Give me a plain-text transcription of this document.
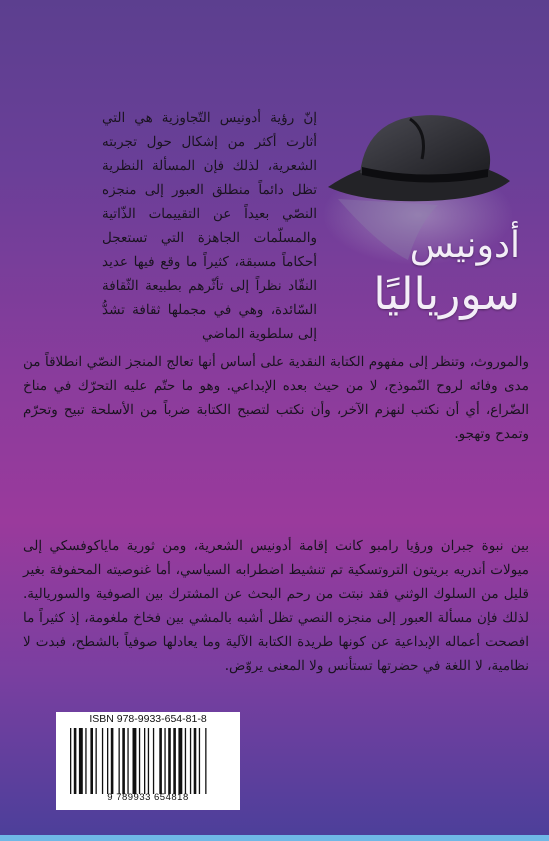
أدونيس
سورياليًا

إنّ رؤية أدونيس التّجاوزية هي التي أثارت أكثر من إشكال حول تجربته الشعرية، لذلك فإن المسألة النظرية تظل دائماً منطلق العبور إلى منجزه النصّي بعيداً عن التقييمات الذّاتية والمسلّمات الجاهزة التي تستعجل أحكاماً مسبقة، كثيراً ما وقع فيها عديد النقّاد نظراً إلى تأثّرهم بطبيعة الثّقافة السّائدة، وهي في مجملها ثقافة تشدُّ إلى سلطوية الماضي

والموروث، وتنظر إلى مفهوم الكتابة النقدية على أساس أنها تعالج المنجز النصّي انطلاقاً من مدى وفائه لروح النّموذج، لا من حيث بعده الإبداعي. وهو ما حتّم عليه التحرّك في مناخ الضّراع، أي أن نكتب لنهزم الآخر، وأن نكتب لتصبح الكتابة ضرباً من الأسلحة تبيح وتحرّم وتمدح وتهجو.

بين نبوة جبران ورؤيا رامبو كانت إقامة أدونيس الشعرية، ومن ثورية ماياكوفسكي إلى ميولات أندريه بريتون التروتسكية تم تنشيط اضطرابه السياسي، أما غنوصيته المحفوفة بغير قليل من السلوك الوثني فقد نبتت من رحم البحث عن المشترك بين الصوفية والسوريالية. لذلك فإن مسألة العبور إلى منجزه النصي تظل أشبه بالمشي بين فخاخ ملغومة، إذ كثيراً ما افصحت أعماله الإبداعية عن كونها طريدة الكتابة الآلية وما يعادلها صوفياً بالشطح، فبدت لا نظامية، لا اللغة في حضرتها تستأنس ولا المعنى يروّض.

ISBN 978-9933-654-81-8
9 789933 654818
